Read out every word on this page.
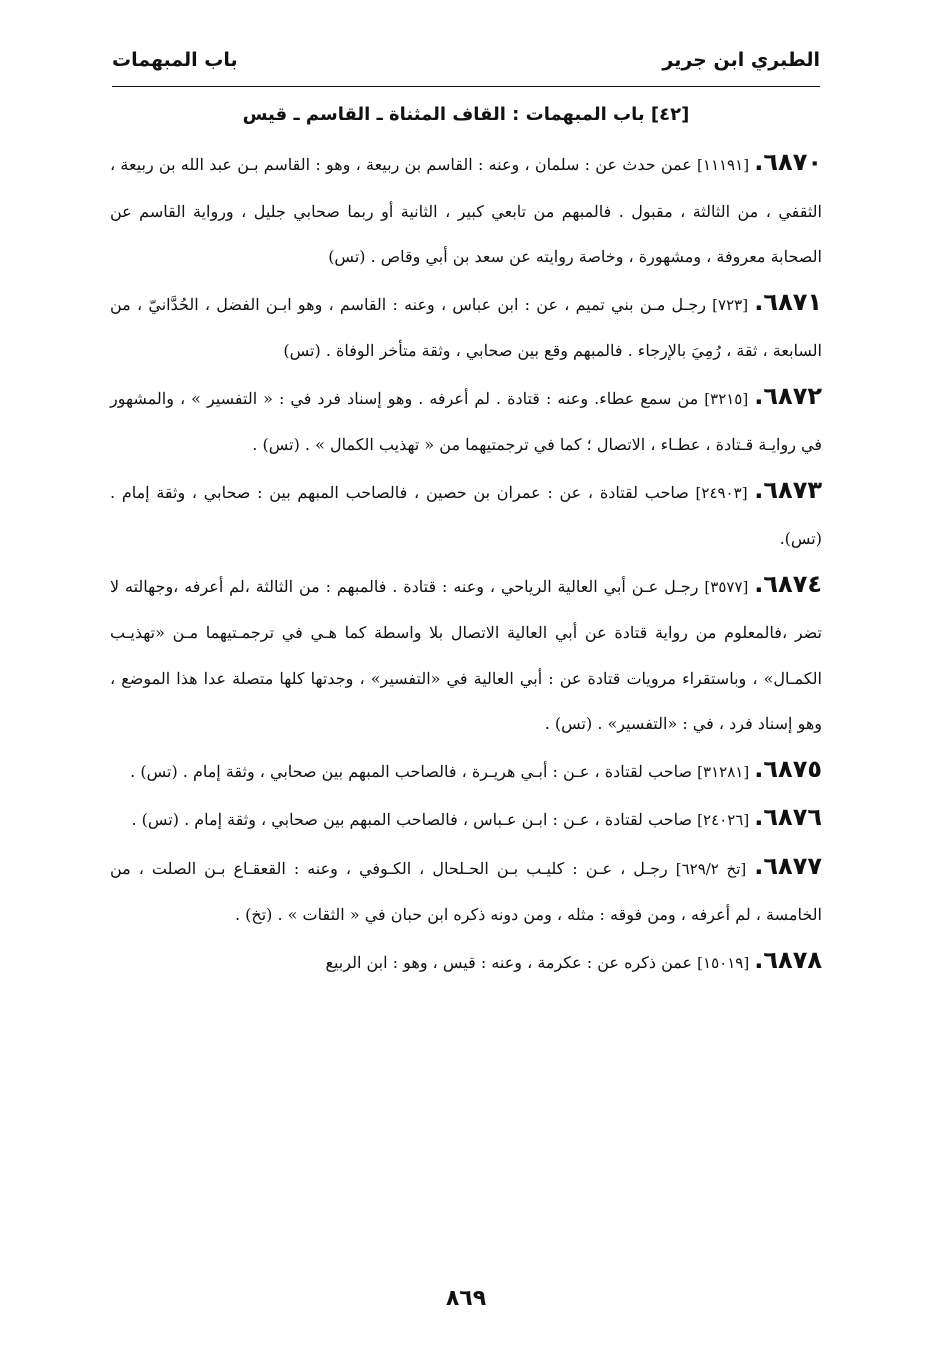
الطبري ابن جرير
باب المبهمات
[٤٢] باب المبهمات : القاف المثناة ـ القاسم ـ قيس

٦٨٧٠. [١١١٩١] عمن حدث عن : سلمان ، وعنه : القاسم بن ربيعة ، وهو : القاسم بـن عبد الله بن ربيعة ، الثقفي ، من الثالثة ، مقبول . فالمبهم من تابعي كبير ، الثانية أو ربما صحابي جليل ، ورواية القاسم عن الصحابة معروفة ، ومشهورة ، وخاصة روايته عن سعد بن أبي وقاص . (تس)

٦٨٧١. [٧٢٣] رجـل مـن بني تميم ، عن : ابن عباس ، وعنه : القاسم ، وهو ابـن الفضل ، الحُدَّانيّ ، من السابعة ، ثقة ، رُمِيَ بالإرجاء . فالمبهم وقع بين صحابي ، وثقة متأخر الوفاة . (تس)

٦٨٧٢. [٣٢١٥] من سمع عطاء. وعنه : قتادة . لم أعرفه . وهو إسناد فرد في : « التفسير » ، والمشهور في روايـة قـتادة ، عطـاء ، الاتصال ؛ كما في ترجمتيهما من « تهذيب الكمال » . (تس) .

٦٨٧٣. [٢٤٩٠٣] صاحب لقتادة ، عن : عمران بن حصين ، فالصاحب المبهم بين : صحابي ، وثقة إمام . (تس).

٦٨٧٤. [٣٥٧٧] رجـل عـن أبي العالية الرياحي ، وعنه : قتادة . فالمبهم : من الثالثة ،لم أعرفه ،وجهالته لا تضر ،فالمعلوم من رواية قتادة عن أبي العالية الاتصال بلا واسطة كما هـي في ترجمـتيهما مـن «تهذيـب الكمـال» ، وباستقراء مرويات قتادة عن : أبي العالية في «التفسير» ، وجدتها كلها متصلة عدا هذا الموضع ، وهو إسناد فرد ، في : «التفسير» . (تس) .

٦٨٧٥. [٣١٢٨١] صاحب لقتادة ، عـن : أبـي هريـرة ، فالصاحب المبهم بين صحابي ، وثقة إمام . (تس) .

٦٨٧٦. [٢٤٠٢٦] صاحب لقتادة ، عـن : ابـن عـباس ، فالصاحب المبهم بين صحابي ، وثقة إمام . (تس) .

٦٨٧٧. [تخ ٦٢٩/٢] رجـل ، عـن : كليـب بـن الحـلحال ، الكـوفي ، وعنه : القعقـاع بـن الصلت ، من الخامسة ، لم أعرفه ، ومن فوقه : مثله ، ومن دونه ذكره ابن حبان في « الثقات » . (تخ) .

٦٨٧٨. [١٥٠١٩] عمن ذكره عن : عكرمة ، وعنه : قيس ، وهو : ابن الربيع

٨٦٩
